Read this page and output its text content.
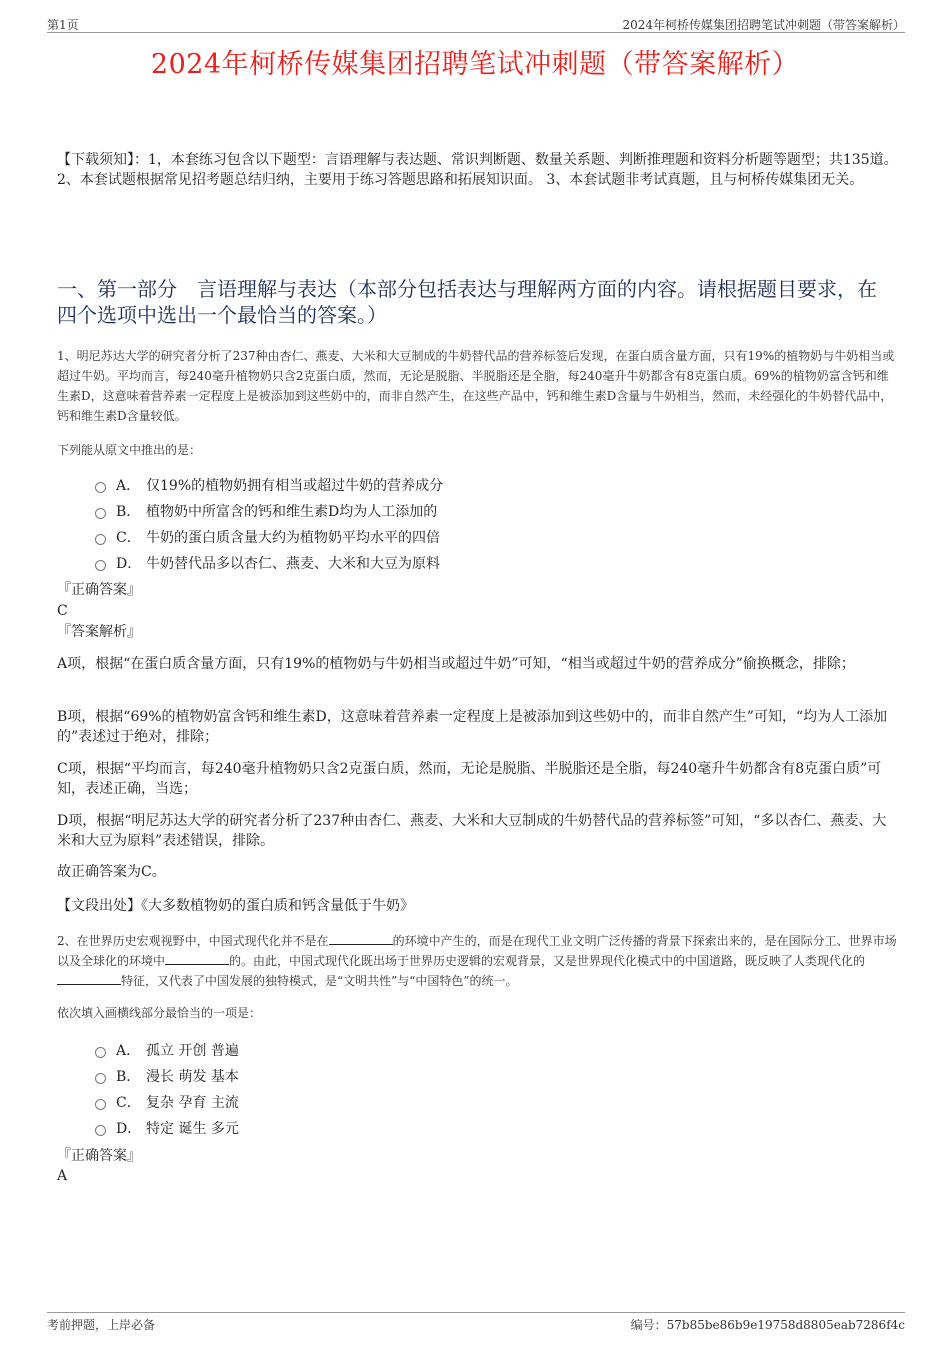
第1页	2024年柯桥传媒集团招聘笔试冲刺题（带答案解析）
2024年柯桥传媒集团招聘笔试冲刺题（带答案解析）
【下载须知】：1，本套练习包含以下题型：言语理解与表达题、常识判断题、数量关系题、判断推理题和资料分析题等题型；共135道。 2、本套试题根据常见招考题总结归纳，主要用于练习答题思路和拓展知识面。 3、本套试题非考试真题，且与柯桥传媒集团无关。
一、第一部分　言语理解与表达（本部分包括表达与理解两方面的内容。请根据题目要求，在四个选项中选出一个最恰当的答案。）
1、明尼苏达大学的研究者分析了237种由杏仁、燕麦、大米和大豆制成的牛奶替代品的营养标签后发现，在蛋白质含量方面，只有19%的植物奶与牛奶相当或超过牛奶。平均而言，每240毫升植物奶只含2克蛋白质，然而，无论是脱脂、半脱脂还是全脂，每240毫升牛奶都含有8克蛋白质。69%的植物奶富含钙和维生素D，这意味着营养素一定程度上是被添加到这些奶中的，而非自然产生，在这些产品中，钙和维生素D含量与牛奶相当，然而，未经强化的牛奶替代品中，钙和维生素D含量较低。
下列能从原文中推出的是：
A． 仅19%的植物奶拥有相当或超过牛奶的营养成分
B． 植物奶中所富含的钙和维生素D均为人工添加的
C． 牛奶的蛋白质含量大约为植物奶平均水平的四倍
D． 牛奶替代品多以杏仁、燕麦、大米和大豆为原料
『正确答案』
C
『答案解析』
A项，根据“在蛋白质含量方面，只有19%的植物奶与牛奶相当或超过牛奶”可知，“相当或超过牛奶的营养成分”偷换概念，排除；
B项，根据“69%的植物奶富含钙和维生素D，这意味着营养素一定程度上是被添加到这些奶中的，而非自然产生”可知，“均为人工添加的”表述过于绝对，排除；
C项，根据“平均而言，每240毫升植物奶只含2克蛋白质，然而，无论是脱脂、半脱脂还是全脂，每240毫升牛奶都含有8克蛋白质”可知，表述正确，当选；
D项，根据“明尼苏达大学的研究者分析了237种由杏仁、燕麦、大米和大豆制成的牛奶替代品的营养标签”可知，“多以杏仁、燕麦、大米和大豆为原料”表述错误，排除。
故正确答案为C。
【文段出处】《大多数植物奶的蛋白质和钙含量低于牛奶》
2、在世界历史宏观视野中，中国式现代化并不是在	的环境中产生的，而是在现代工业文明广泛传播的背景下探索出来的，是在国际分工、世界市场以及全球化的环境中	的。由此，中国式现代化既出场于世界历史逻辑的宏观背景，又是世界现代化模式中的中国道路，既反映了人类现代化的特征，又代表了中国发展的独特模式，是“文明共性”与“中国特色”的统一。
依次填入画横线部分最恰当的一项是：
A． 孤立 开创 普遍
B． 漫长 萌发 基本
C． 复杂 孕育 主流
D． 特定 诞生 多元
『正确答案』
A
考前押题，上岸必备	编号：57b85be86b9e19758d8805eab7286f4c
